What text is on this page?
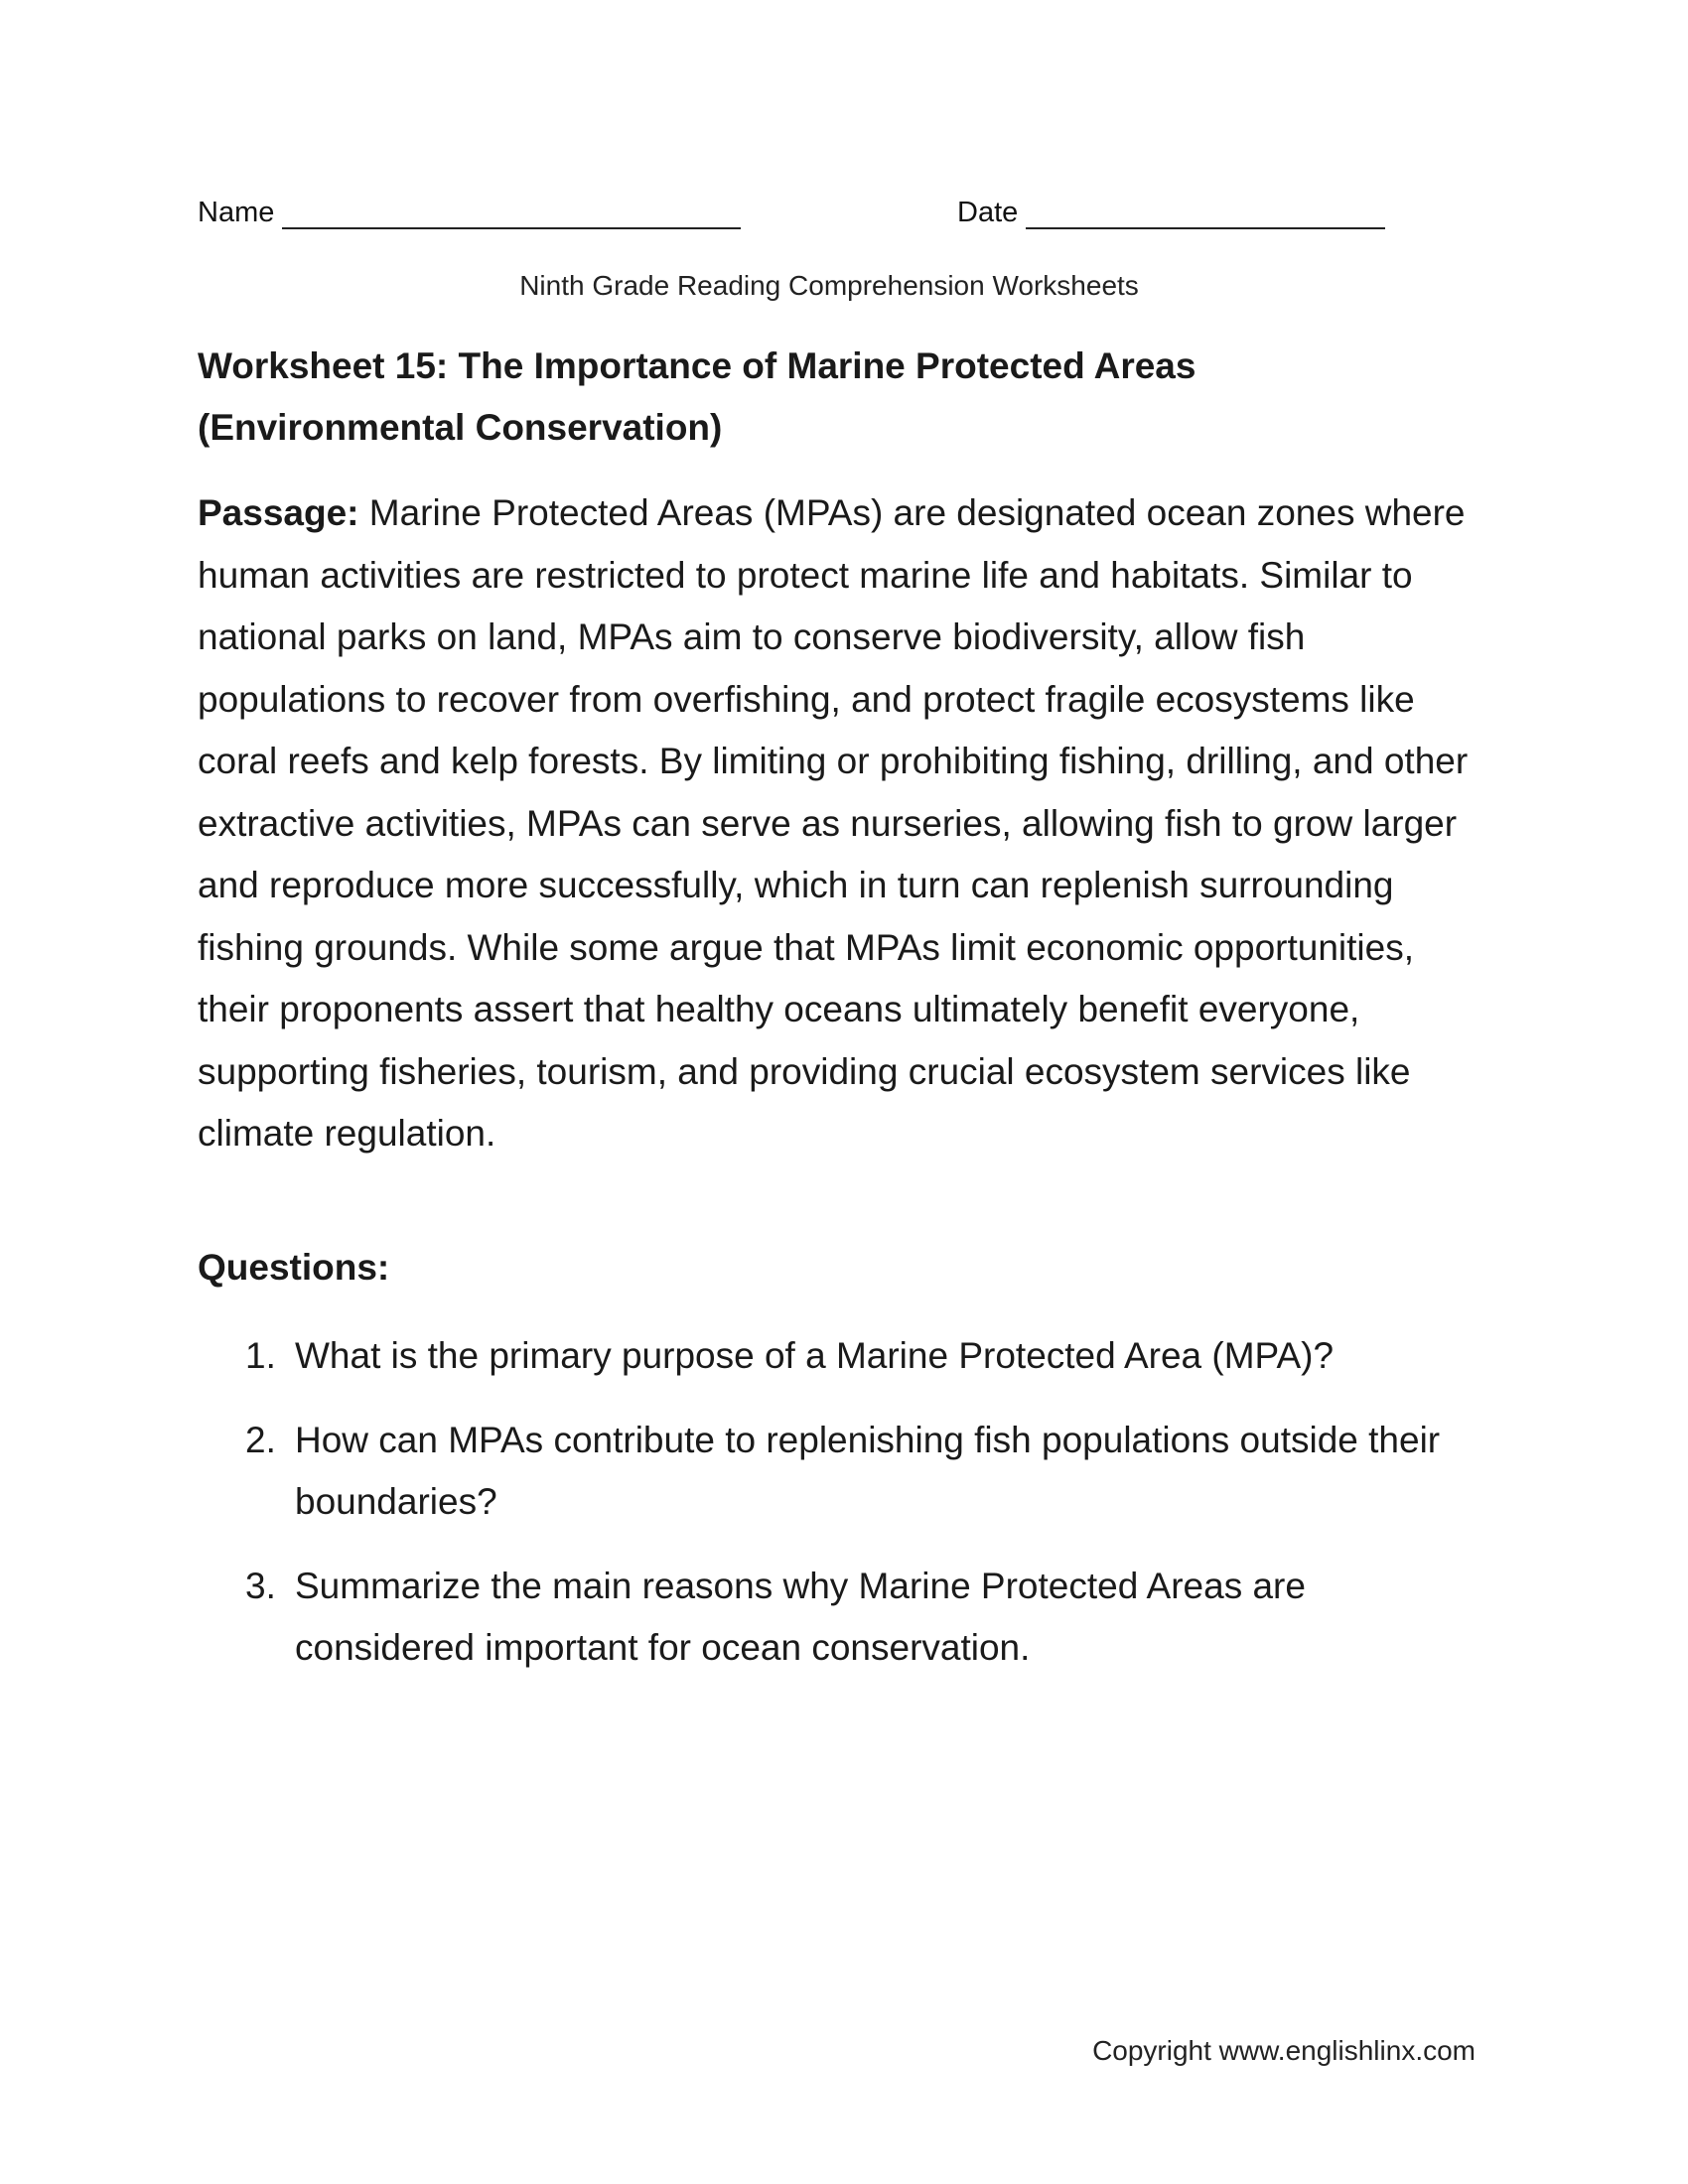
Name	Date
Ninth Grade Reading Comprehension Worksheets
Worksheet 15: The Importance of Marine Protected Areas
(Environmental Conservation)
Passage: Marine Protected Areas (MPAs) are designated ocean zones where human activities are restricted to protect marine life and habitats. Similar to national parks on land, MPAs aim to conserve biodiversity, allow fish populations to recover from overfishing, and protect fragile ecosystems like coral reefs and kelp forests. By limiting or prohibiting fishing, drilling, and other extractive activities, MPAs can serve as nurseries, allowing fish to grow larger and reproduce more successfully, which in turn can replenish surrounding fishing grounds. While some argue that MPAs limit economic opportunities, their proponents assert that healthy oceans ultimately benefit everyone, supporting fisheries, tourism, and providing crucial ecosystem services like climate regulation.
Questions:
1. What is the primary purpose of a Marine Protected Area (MPA)?
2. How can MPAs contribute to replenishing fish populations outside their boundaries?
3. Summarize the main reasons why Marine Protected Areas are considered important for ocean conservation.
Copyright www.englishlinx.com
